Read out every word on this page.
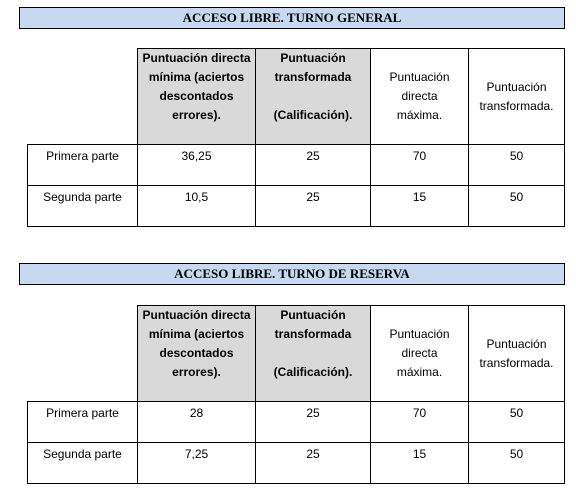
ACCESO LIBRE. TURNO GENERAL
	Puntuación directa
mínima (aciertos
descontados
errores).	Puntuación
transformada
(Calificación).	Puntuación
directa
máxima.	Puntuación
transformada.
Primera parte	36,25	25	70	50
Segunda parte	10,5	25	15	50
ACCESO LIBRE. TURNO DE RESERVA
	Puntuación directa
mínima (aciertos
descontados
errores).	Puntuación
transformada
(Calificación).	Puntuación
directa
máxima.	Puntuación
transformada.
Primera parte	28	25	70	50
Segunda parte	7,25	25	15	50
